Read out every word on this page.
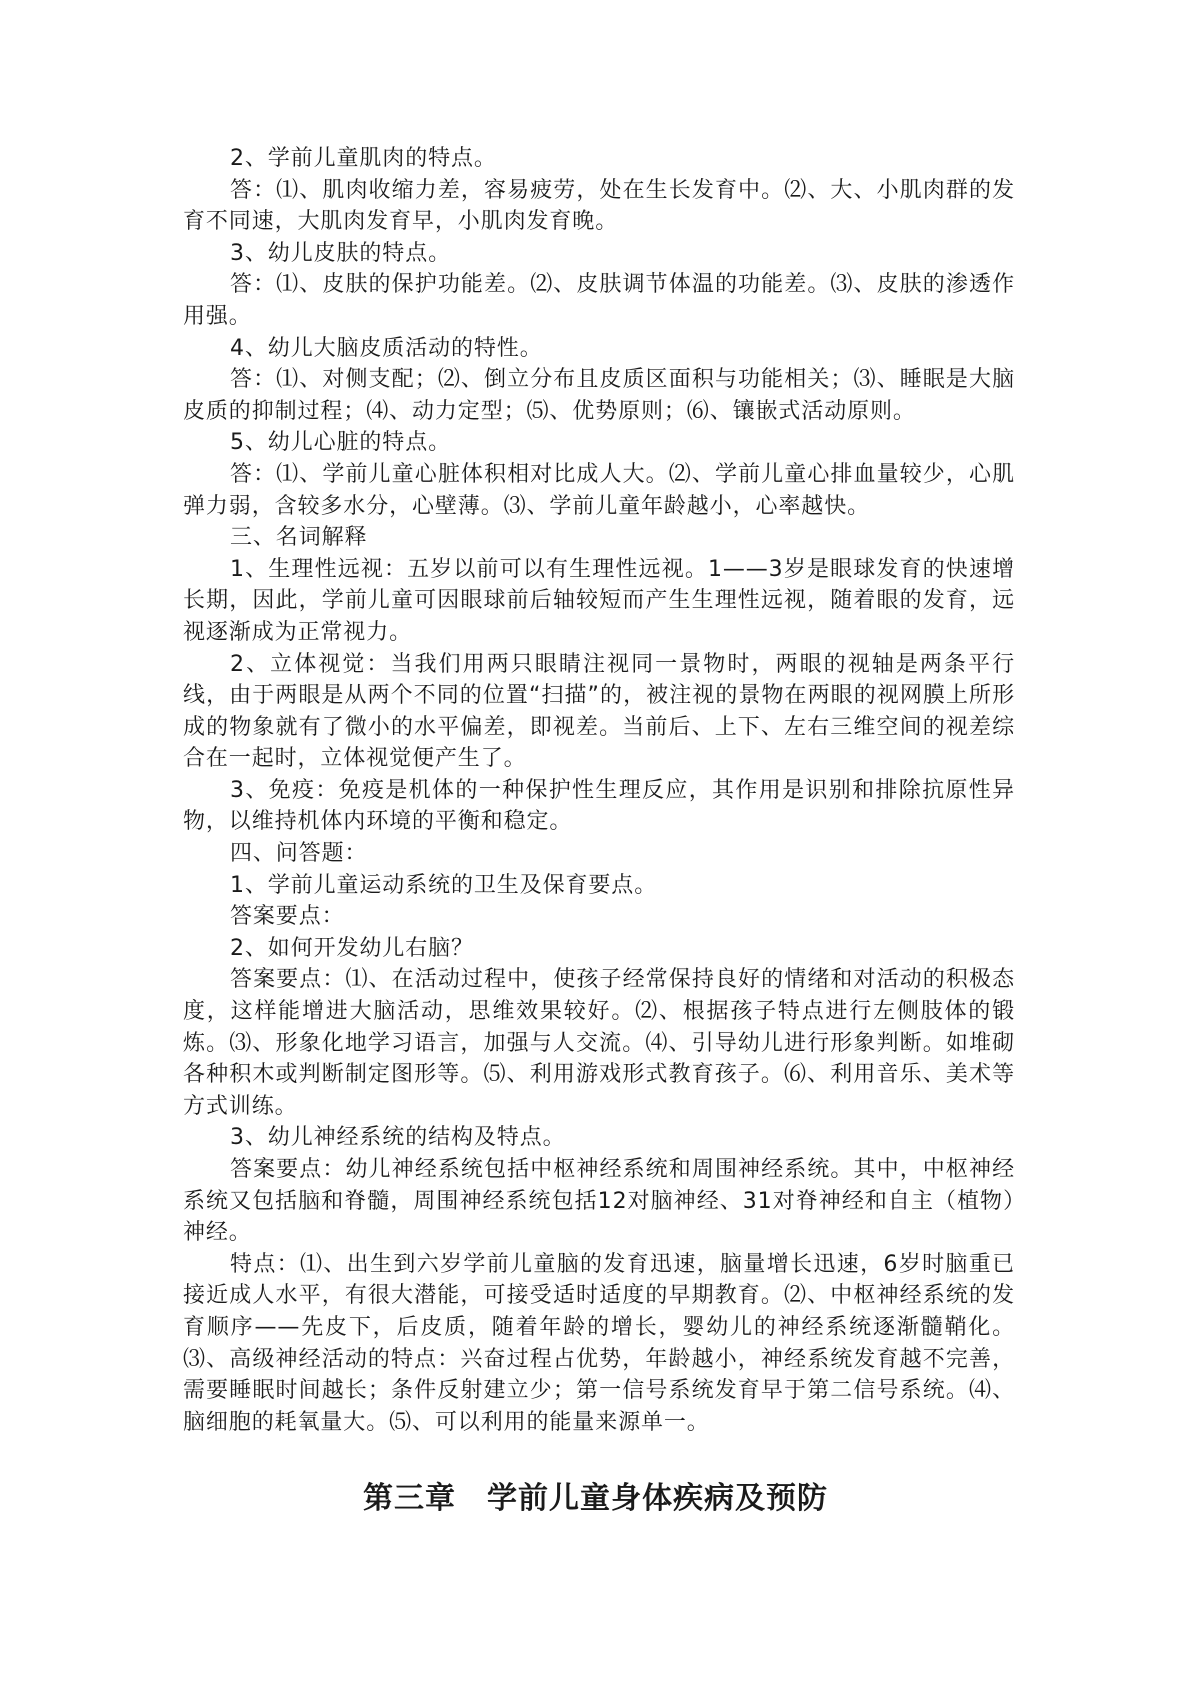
2、学前儿童肌肉的特点。

答：⑴、肌肉收缩力差，容易疲劳，处在生长发育中。⑵、大、小肌肉群的发育不同速，大肌肉发育早，小肌肉发育晚。

3、幼儿皮肤的特点。

答：⑴、皮肤的保护功能差。⑵、皮肤调节体温的功能差。⑶、皮肤的渗透作用强。

4、幼儿大脑皮质活动的特性。

答：⑴、对侧支配；⑵、倒立分布且皮质区面积与功能相关；⑶、睡眠是大脑皮质的抑制过程；⑷、动力定型；⑸、优势原则；⑹、镶嵌式活动原则。

5、幼儿心脏的特点。

答：⑴、学前儿童心脏体积相对比成人大。⑵、学前儿童心排血量较少，心肌弹力弱，含较多水分，心壁薄。⑶、学前儿童年龄越小，心率越快。

三、名词解释

1、生理性远视：五岁以前可以有生理性远视。1——3岁是眼球发育的快速增长期，因此，学前儿童可因眼球前后轴较短而产生生理性远视，随着眼的发育，远视逐渐成为正常视力。

2、立体视觉：当我们用两只眼睛注视同一景物时，两眼的视轴是两条平行线，由于两眼是从两个不同的位置“扫描”的，被注视的景物在两眼的视网膜上所形成的物象就有了微小的水平偏差，即视差。当前后、上下、左右三维空间的视差综合在一起时，立体视觉便产生了。

3、免疫：免疫是机体的一种保护性生理反应，其作用是识别和排除抗原性异物，以维持机体内环境的平衡和稳定。

四、问答题：

1、学前儿童运动系统的卫生及保育要点。

答案要点：

2、如何开发幼儿右脑？

答案要点：⑴、在活动过程中，使孩子经常保持良好的情绪和对活动的积极态度，这样能增进大脑活动，思维效果较好。⑵、根据孩子特点进行左侧肢体的锻炼。⑶、形象化地学习语言，加强与人交流。⑷、引导幼儿进行形象判断。如堆砌各种积木或判断制定图形等。⑸、利用游戏形式教育孩子。⑹、利用音乐、美术等方式训练。

3、幼儿神经系统的结构及特点。

答案要点：幼儿神经系统包括中枢神经系统和周围神经系统。其中，中枢神经系统又包括脑和脊髓，周围神经系统包括12对脑神经、31对脊神经和自主（植物）神经。

特点：⑴、出生到六岁学前儿童脑的发育迅速，脑量增长迅速，6岁时脑重已接近成人水平，有很大潜能，可接受适时适度的早期教育。⑵、中枢神经系统的发育顺序——先皮下，后皮质，随着年龄的增长，婴幼儿的神经系统逐渐髓鞘化。⑶、高级神经活动的特点：兴奋过程占优势，年龄越小，神经系统发育越不完善，需要睡眠时间越长；条件反射建立少；第一信号系统发育早于第二信号系统。⑷、脑细胞的耗氧量大。⑸、可以利用的能量来源单一。

第三章　学前儿童身体疾病及预防
